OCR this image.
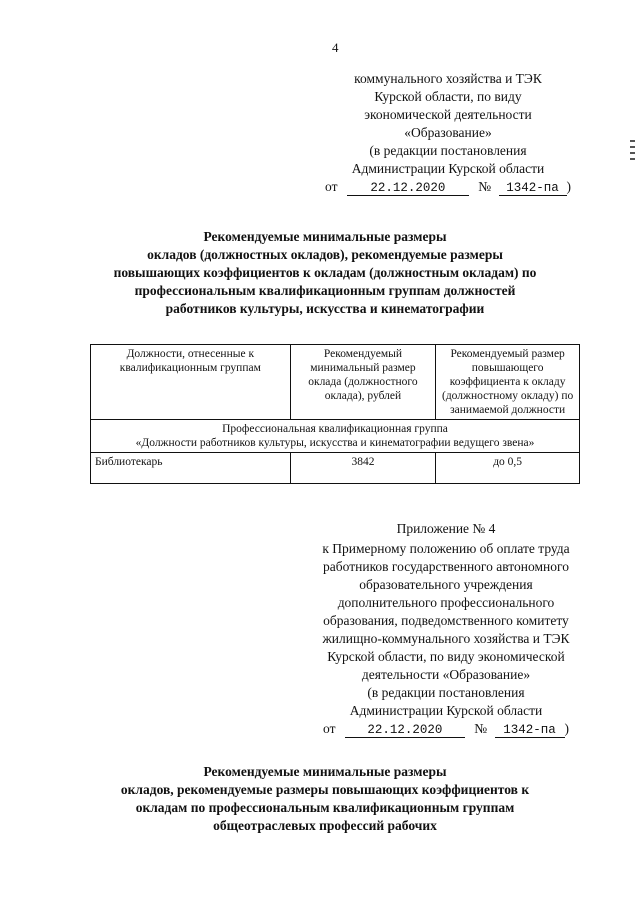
4
коммунального хозяйства и ТЭК
Курской области, по виду
экономической деятельности
«Образование»
(в редакции постановления
Администрации Курской области
от	22.12.2020 № 1342-па )
Рекомендуемые минимальные размеры
окладов (должностных окладов), рекомендуемые размеры
повышающих коэффициентов к окладам (должностным окладам) по
профессиональным квалификационным группам должностей
работников культуры, искусства и кинематографии
Должности, отнесенные к квалификационным группам	Рекомендуемый минимальный размер оклада (должностного оклада), рублей	Рекомендуемый размер повышающего коэффициента к окладу (должностному окладу) по занимаемой должности

Профессиональная квалификационная группа
«Должности работников культуры, искусства и кинематографии ведущего звена»		

Библиотекарь	3842	до 0,5
Приложение № 4
к Примерному положению об оплате труда
работников государственного автономного
образовательного учреждения
дополнительного профессионального
образования, подведомственного комитету
жилищно-коммунального хозяйства и ТЭК
Курской области, по виду экономической
деятельности «Образование»
(в редакции постановления
Администрации Курской области
от	22.12.2020 № 1342-па )
Рекомендуемые минимальные размеры
окладов, рекомендуемые размеры повышающих коэффициентов к
окладам по профессиональным квалификационным группам
общеотраслевых профессий рабочих
